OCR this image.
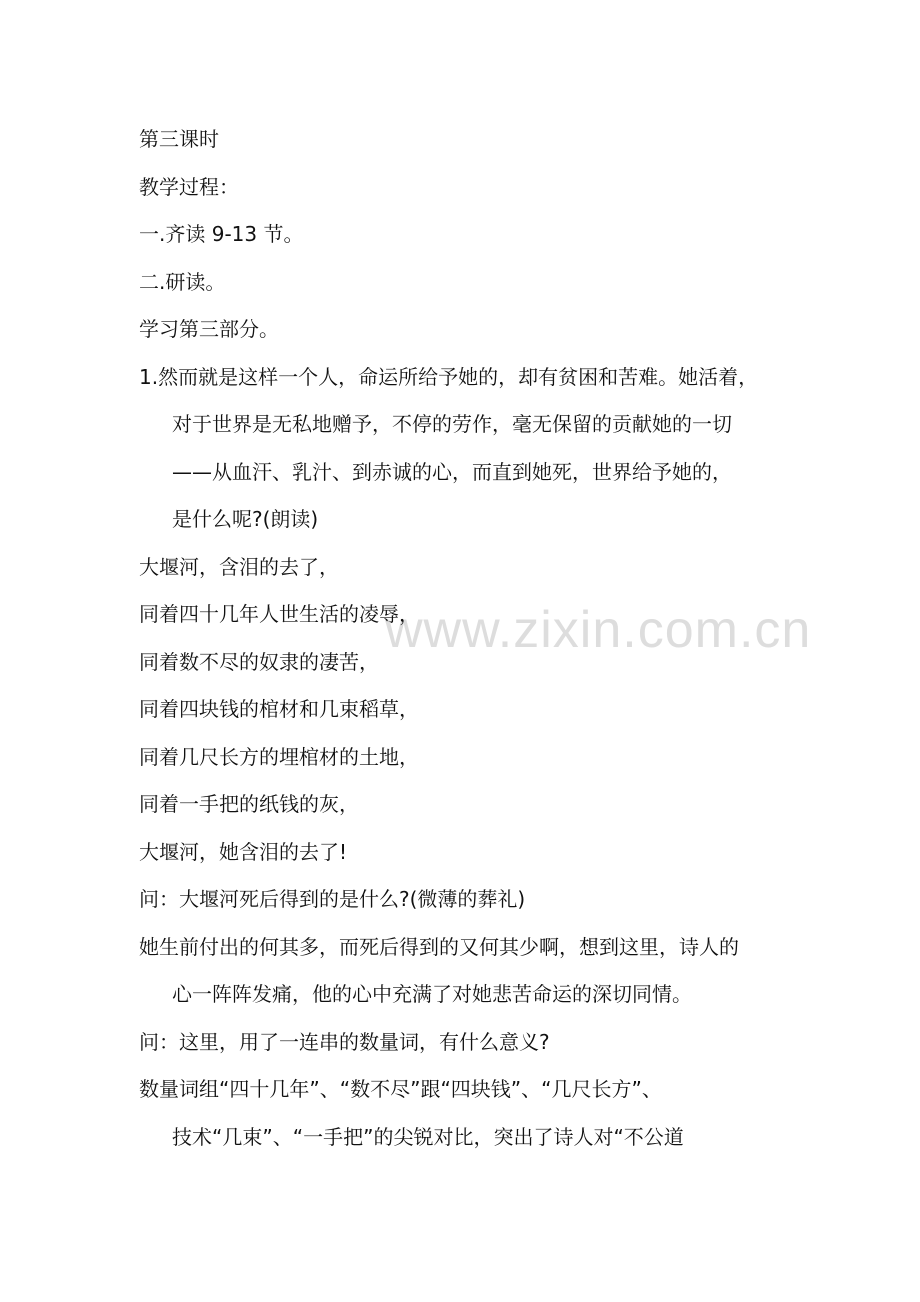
www.zixin.com.cn
第三课时
教学过程：
一.齐读 9-13 节。
二.研读。
学习第三部分。
1.然而就是这样一个人，命运所给予她的，却有贫困和苦难。她活着，
对于世界是无私地赠予，不停的劳作，毫无保留的贡献她的一切
——从血汗、乳汁、到赤诚的心，而直到她死，世界给予她的，
是什么呢?(朗读)
大堰河，含泪的去了，
同着四十几年人世生活的凌辱，
同着数不尽的奴隶的凄苦，
同着四块钱的棺材和几束稻草，
同着几尺长方的埋棺材的土地，
同着一手把的纸钱的灰，
大堰河，她含泪的去了!
问：大堰河死后得到的是什么?(微薄的葬礼)
她生前付出的何其多，而死后得到的又何其少啊，想到这里，诗人的
心一阵阵发痛，他的心中充满了对她悲苦命运的深切同情。
问：这里，用了一连串的数量词，有什么意义?
数量词组“四十几年”、“数不尽”跟“四块钱”、“几尺长方”、
技术“几束”、“一手把”的尖锐对比，突出了诗人对“不公道
